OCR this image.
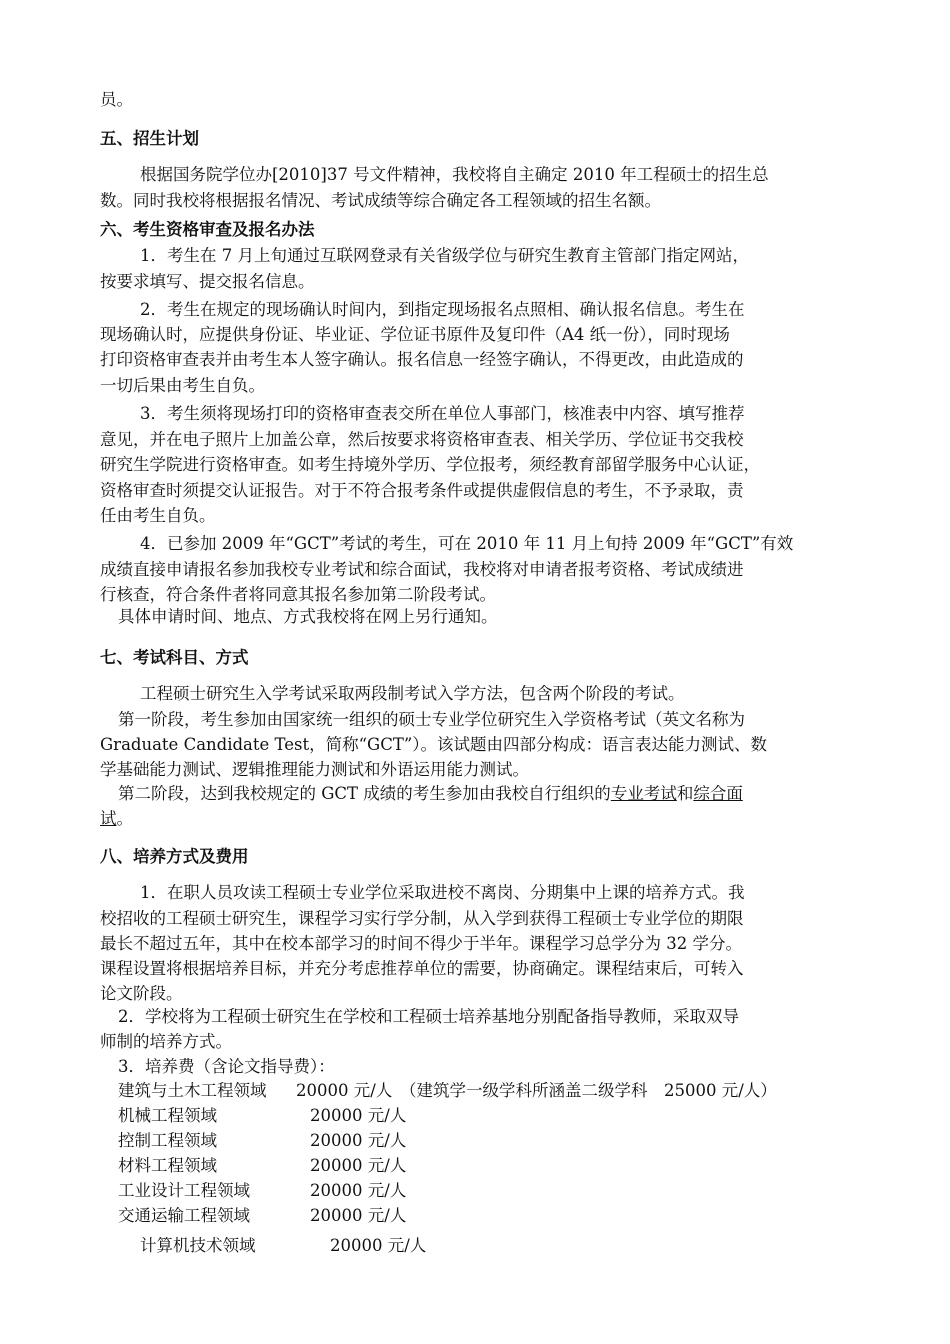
员。
五、招生计划
根据国务院学位办[2010]37 号文件精神，我校将自主确定 2010 年工程硕士的招生总
数。同时我校将根据报名情况、考试成绩等综合确定各工程领域的招生名额。
六、考生资格审查及报名办法
1．考生在 7 月上旬通过互联网登录有关省级学位与研究生教育主管部门指定网站，
按要求填写、提交报名信息。
2．考生在规定的现场确认时间内，到指定现场报名点照相、确认报名信息。考生在
现场确认时，应提供身份证、毕业证、学位证书原件及复印件（A4 纸一份），同时现场
打印资格审查表并由考生本人签字确认。报名信息一经签字确认，不得更改，由此造成的
一切后果由考生自负。
3．考生须将现场打印的资格审查表交所在单位人事部门，核准表中内容、填写推荐
意见，并在电子照片上加盖公章，然后按要求将资格审查表、相关学历、学位证书交我校
研究生学院进行资格审查。如考生持境外学历、学位报考，须经教育部留学服务中心认证，
资格审查时须提交认证报告。对于不符合报考条件或提供虚假信息的考生，不予录取，责
任由考生自负。
4．已参加 2009 年“GCT”考试的考生，可在 2010 年 11 月上旬持 2009 年“GCT”有效
成绩直接申请报名参加我校专业考试和综合面试，我校将对申请者报考资格、考试成绩进
行核查，符合条件者将同意其报名参加第二阶段考试。
具体申请时间、地点、方式我校将在网上另行通知。
七、考试科目、方式
工程硕士研究生入学考试采取两段制考试入学方法，包含两个阶段的考试。
第一阶段，考生参加由国家统一组织的硕士专业学位研究生入学资格考试（英文名称为
Graduate Candidate Test，简称“GCT”）。该试题由四部分构成：语言表达能力测试、数
学基础能力测试、逻辑推理能力测试和外语运用能力测试。
第二阶段，达到我校规定的 GCT 成绩的考生参加由我校自行组织的专业考试和综合面
试。
八、培养方式及费用
1．在职人员攻读工程硕士专业学位采取进校不离岗、分期集中上课的培养方式。我
校招收的工程硕士研究生，课程学习实行学分制，从入学到获得工程硕士专业学位的期限
最长不超过五年，其中在校本部学习的时间不得少于半年。课程学习总学分为 32 学分。
课程设置将根据培养目标，并充分考虑推荐单位的需要，协商确定。课程结束后，可转入
论文阶段。
2．学校将为工程硕士研究生在学校和工程硕士培养基地分别配备指导教师，采取双导
师制的培养方式。
3．培养费（含论文指导费）：
建筑与土木工程领域 20000 元/人 （建筑学一级学科所涵盖二级学科　25000 元/人）
机械工程领域	20000 元/人
控制工程领域	20000 元/人
材料工程领域	20000 元/人
工业设计工程领域	20000 元/人
交通运输工程领域	20000 元/人
计算机技术领域	20000 元/人
